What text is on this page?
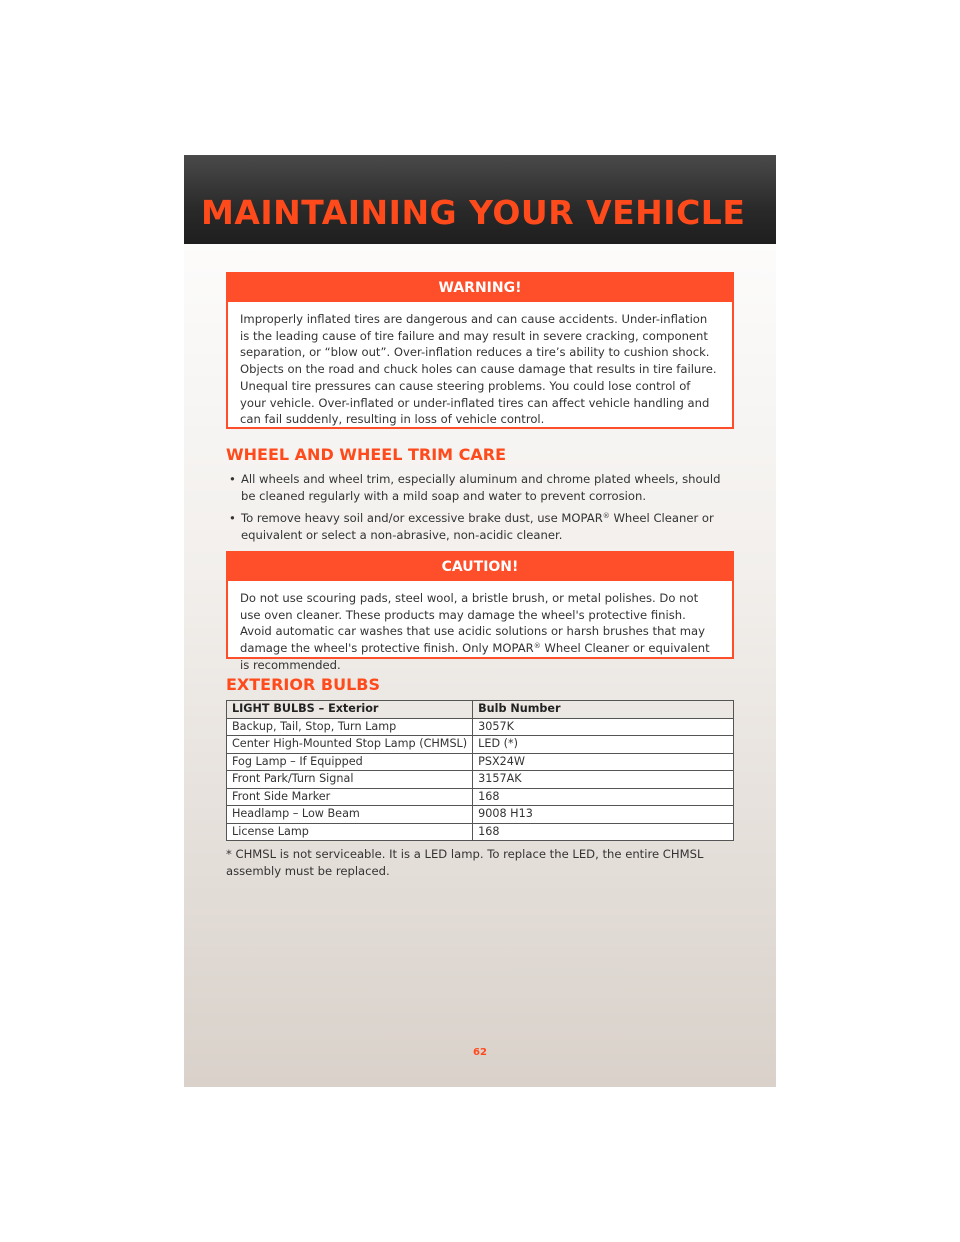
MAINTAINING YOUR VEHICLE
WARNING!
Improperly inflated tires are dangerous and can cause accidents. Under-inflation is the leading cause of tire failure and may result in severe cracking, component separation, or “blow out”. Over-inflation reduces a tire’s ability to cushion shock. Objects on the road and chuck holes can cause damage that results in tire failure. Unequal tire pressures can cause steering problems. You could lose control of your vehicle. Over-inflated or under-inflated tires can affect vehicle handling and can fail suddenly, resulting in loss of vehicle control.
WHEEL AND WHEEL TRIM CARE
• All wheels and wheel trim, especially aluminum and chrome plated wheels, should be cleaned regularly with a mild soap and water to prevent corrosion.
• To remove heavy soil and/or excessive brake dust, use MOPAR® Wheel Cleaner or equivalent or select a non-abrasive, non-acidic cleaner.
CAUTION!
Do not use scouring pads, steel wool, a bristle brush, or metal polishes. Do not use oven cleaner. These products may damage the wheel's protective finish. Avoid automatic car washes that use acidic solutions or harsh brushes that may damage the wheel's protective finish. Only MOPAR® Wheel Cleaner or equivalent is recommended.
EXTERIOR BULBS
LIGHT BULBS – Exterior	Bulb Number
Backup, Tail, Stop, Turn Lamp	3057K
Center High-Mounted Stop Lamp (CHMSL)	LED (*)
Fog Lamp – If Equipped	PSX24W
Front Park/Turn Signal	3157AK
Front Side Marker	168
Headlamp – Low Beam	9008 H13
License Lamp	168

* CHMSL is not serviceable. It is a LED lamp. To replace the LED, the entire CHMSL assembly must be replaced.

62
